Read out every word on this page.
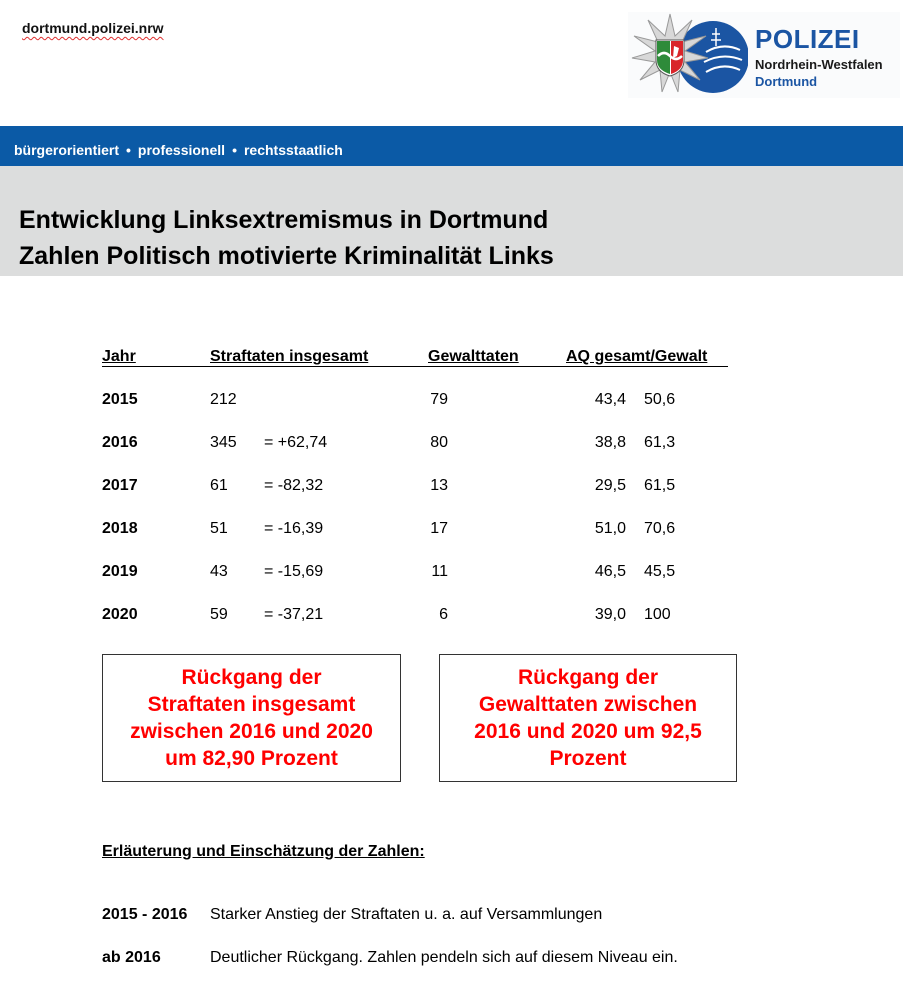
dortmund.polizei.nrw	POLIZEI
Nordrhein-Westfalen
Dortmund
bürgerorientiert • professionell • rechtsstaatlich
Entwicklung Linksextremismus in Dortmund
Zahlen Politisch motivierte Kriminalität Links
Jahr	Straftaten insgesamt	Gewalttaten	AQ gesamt/Gewalt
2015	212	79	43,4 50,6
2016	345 = +62,74	80	38,8 61,3
2017	61 = -82,32	13	29,5 61,5
2018	51 = -16,39	17	51,0 70,6
2019	43 = -15,69	11	46,5 45,5
2020	59 = -37,21	6	39,0 100
Rückgang der
Straftaten insgesamt
zwischen 2016 und 2020
um 82,90 Prozent
Rückgang der
Gewalttaten zwischen
2016 und 2020 um 92,5
Prozent
Erläuterung und Einschätzung der Zahlen:
2015 - 2016 Starker Anstieg der Straftaten u. a. auf Versammlungen
ab 2016	Deutlicher Rückgang. Zahlen pendeln sich auf diesem Niveau ein.
